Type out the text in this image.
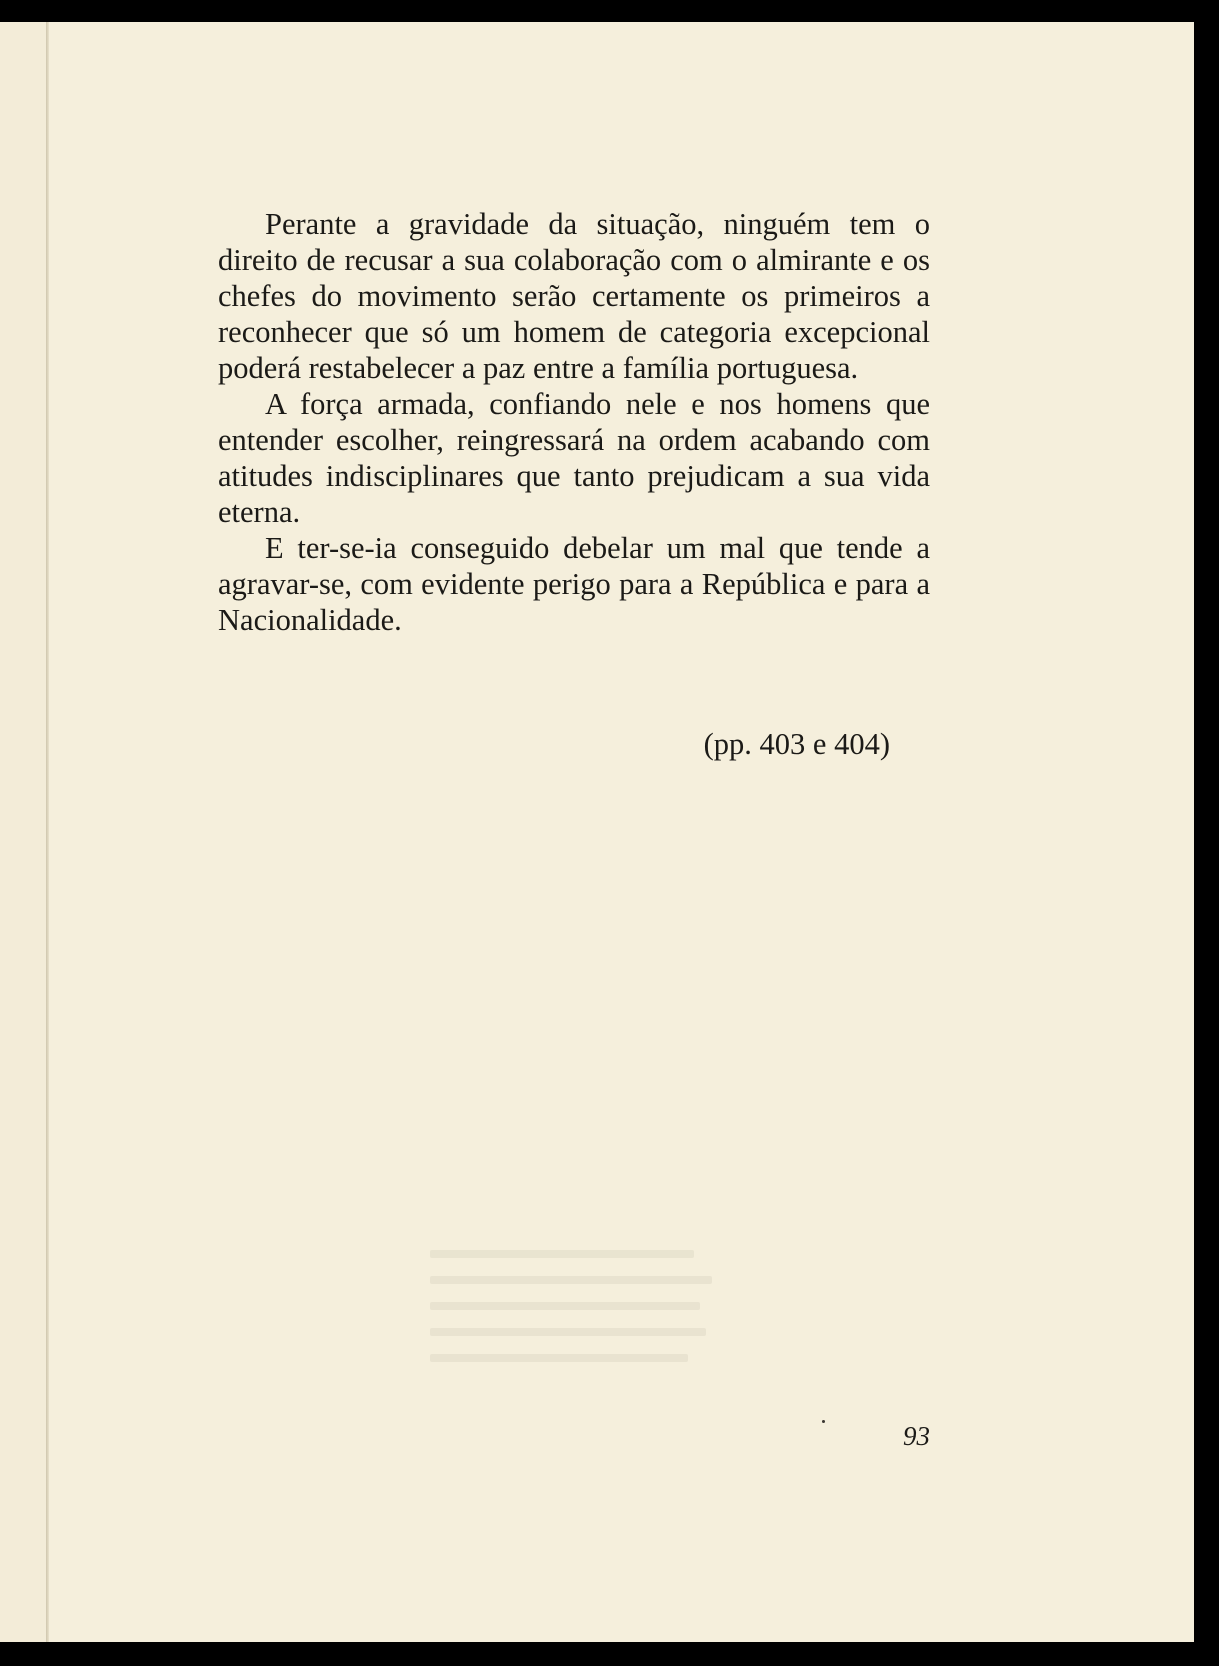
Perante a gravidade da situação, ninguém tem o direito de recusar a sua colaboração com o almirante e os chefes do movimento serão certamente os primeiros a reconhecer que só um homem de categoria excepcional poderá restabelecer a paz entre a família portuguesa.

A força armada, confiando nele e nos homens que entender escolher, reingressará na ordem acabando com atitudes indisciplinares que tanto prejudicam a sua vida eterna.

E ter-se-ia conseguido debelar um mal que tende a agravar-se, com evidente perigo para a República e para a Nacionalidade.

(pp. 403 e 404)
93
